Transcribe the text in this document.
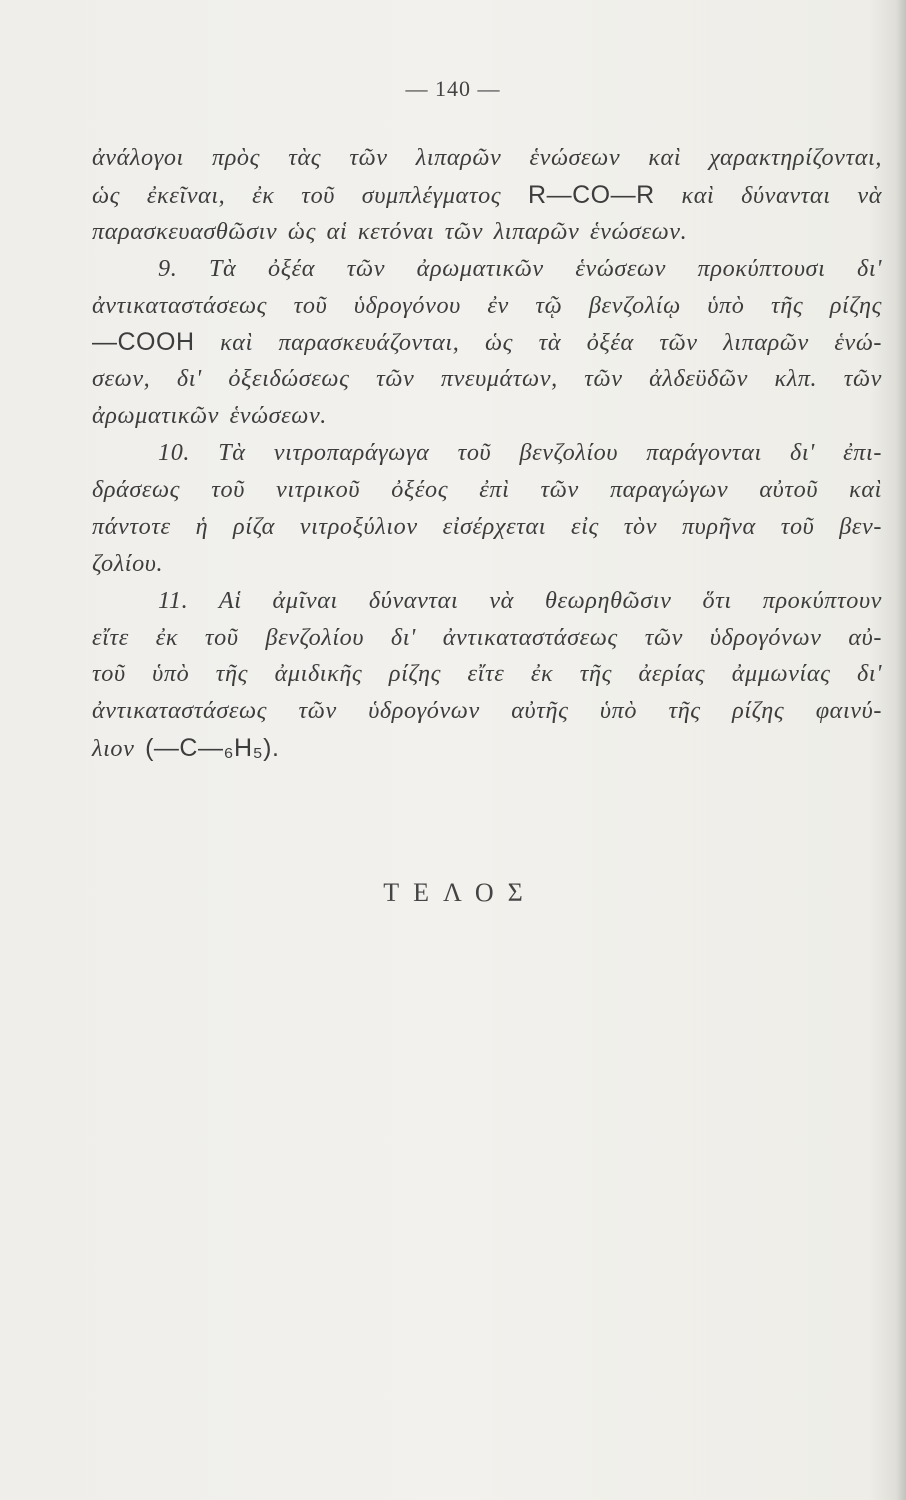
— 140 —
ἀνάλογοι πρὸς τὰς τῶν λιπαρῶν ἑνώσεων καὶ χαρακτηρίζονται,
ὡς ἐκεῖναι, ἐκ τοῦ συμπλέγματος R—CO—R καὶ δύνανται νὰ
παρασκευασθῶσιν ὡς αἱ κετόναι τῶν λιπαρῶν ἑνώσεων.
9. Τὰ ὀξέα τῶν ἀρωματικῶν ἑνώσεων προκύπτουσι δι'
ἀντικαταστάσεως τοῦ ὑδρογόνου ἐν τῷ βενζολίῳ ὑπὸ τῆς ρίζης
—COOH καὶ παρασκευάζονται, ὡς τὰ ὀξέα τῶν λιπαρῶν ἑνώ-
σεων, δι' ὀξειδώσεως τῶν πνευμάτων, τῶν ἀλδεϋδῶν κλπ. τῶν
ἀρωματικῶν ἑνώσεων.
10. Τὰ νιτροπαράγωγα τοῦ βενζολίου παράγονται δι' ἐπι-
δράσεως τοῦ νιτρικοῦ ὀξέος ἐπὶ τῶν παραγώγων αὐτοῦ καὶ
πάντοτε ἡ ρίζα νιτροξύλιον εἰσέρχεται εἰς τὸν πυρῆνα τοῦ βεν-
ζολίου.
11. Αἱ ἀμῖναι δύνανται νὰ θεωρηθῶσιν ὅτι προκύπτουν
εἴτε ἐκ τοῦ βενζολίου δι' ἀντικαταστάσεως τῶν ὑδρογόνων αὐ-
τοῦ ὑπὸ τῆς ἀμιδικῆς ρίζης εἴτε ἐκ τῆς ἀερίας ἀμμωνίας δι'
ἀντικαταστάσεως τῶν ὑδρογόνων αὐτῆς ὑπὸ τῆς ρίζης φαινύ-
λιον (—C—₆H₅).
ΤΕΛΟΣ
